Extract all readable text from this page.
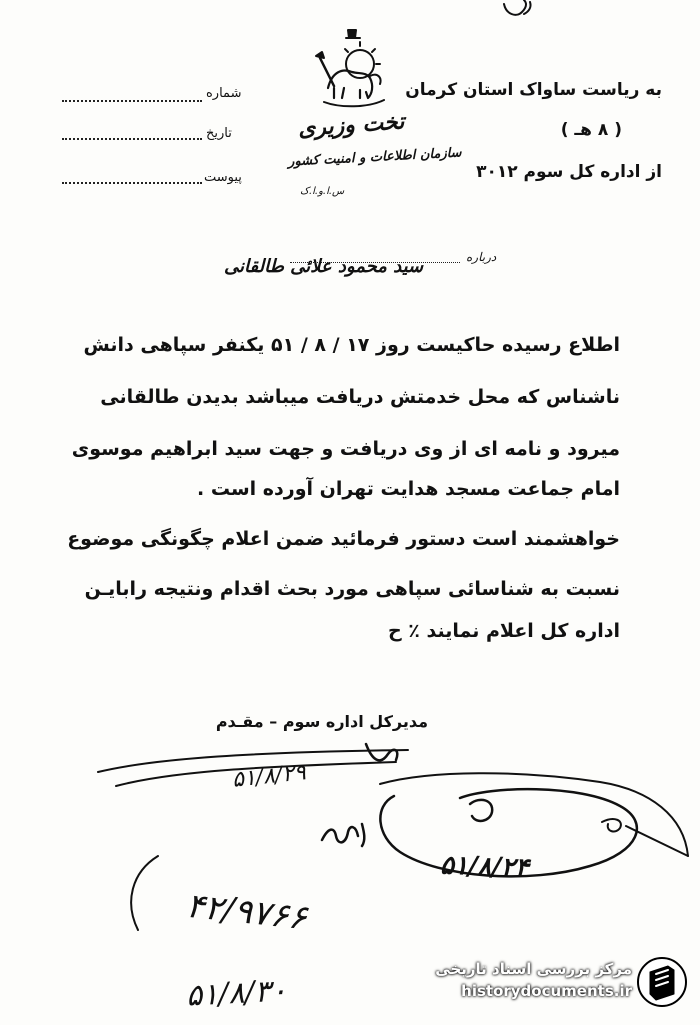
تخت وزیری
سازمان اطلاعات و امنیت کشور
س.ا.و.ا.ک
شماره
تاریخ
پیوست
به ریاست ساواک استان کرمان
( ۸ هـ )
از اداره کل سوم ۳۰۱۲
درباره
سید محمود علائی طالقانی
اطلاع رسیده حاکیست روز ۱۷ / ۸ / ۵۱ یکنفر سپاهی دانش
ناشناس که محل خدمتش دریافت میباشد بدیدن طالقانی
میرود و نامه ای از وی دریافت و جهت سید ابراهیم موسوی
امام جماعت مسجد هدایت تهران آورده است .
خواهشمند است دستور فرمائید ضمن اعلام چگونگی موضوع
نسبت به شناسائی سپاهی مورد بحث اقدام ونتیجه رابایـن
اداره کل اعلام نمایند ٪ ح
مدیرکل اداره سوم – مقـدم
۵۱/۸/۲۹
۵۱/۸/۲۴
۴۲/۹۷۶۶
۵۱/۸/۳۰
مرکز بررسی اسناد تاریخی
historydocuments.ir
